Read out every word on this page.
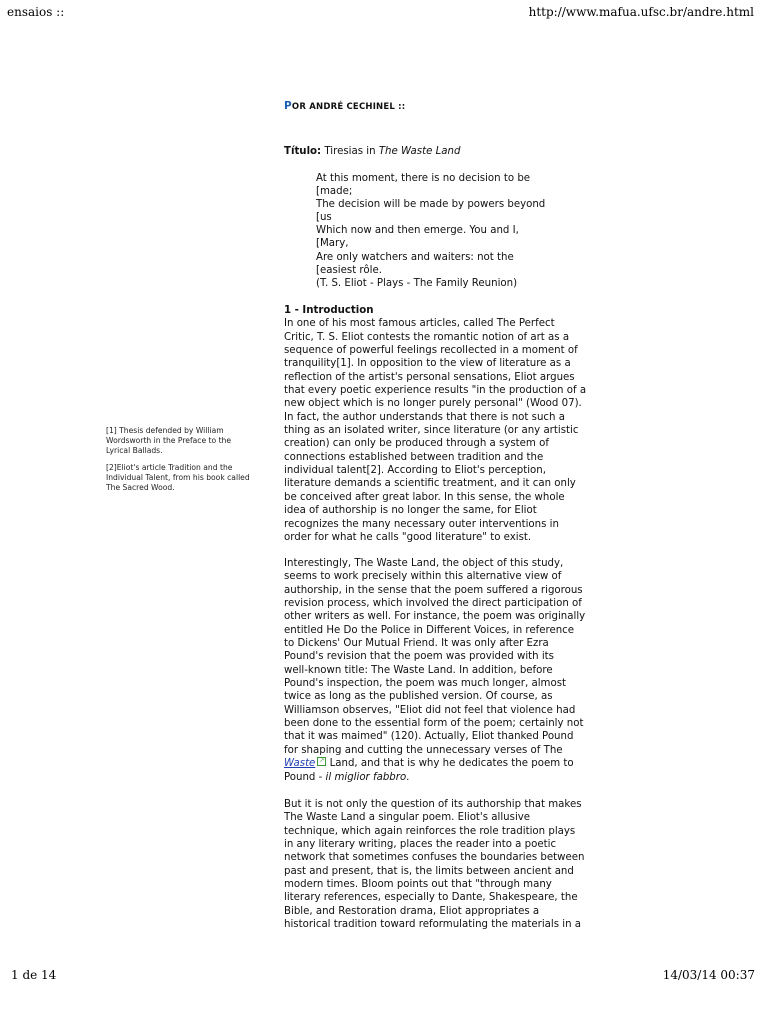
ensaios ::	http://www.mafua.ufsc.br/andre.html
POR ANDRÉ CECHINEL ::
Título: Tiresias in The Waste Land
At this moment, there is no decision to be
[made;
The decision will be made by powers beyond
[us
Which now and then emerge. You and I,
[Mary,
Are only watchers and waiters: not the
[easiest rôle.
(T. S. Eliot - Plays - The Family Reunion)
1 - Introduction
In one of his most famous articles, called The Perfect
Critic, T. S. Eliot contests the romantic notion of art as a
sequence of powerful feelings recollected in a moment of
tranquility[1]. In opposition to the view of literature as a
reflection of the artist's personal sensations, Eliot argues
that every poetic experience results "in the production of a
new object which is no longer purely personal" (Wood 07).
In fact, the author understands that there is not such a
thing as an isolated writer, since literature (or any artistic
creation) can only be produced through a system of
connections established between tradition and the
individual talent[2]. According to Eliot's perception,
literature demands a scientific treatment, and it can only
be conceived after great labor. In this sense, the whole
idea of authorship is no longer the same, for Eliot
recognizes the many necessary outer interventions in
order for what he calls "good literature" to exist.
Interestingly, The Waste Land, the object of this study,
seems to work precisely within this alternative view of
authorship, in the sense that the poem suffered a rigorous
revision process, which involved the direct participation of
other writers as well. For instance, the poem was originally
entitled He Do the Police in Different Voices, in reference
to Dickens' Our Mutual Friend. It was only after Ezra
Pound's revision that the poem was provided with its
well-known title: The Waste Land. In addition, before
Pound's inspection, the poem was much longer, almost
twice as long as the published version. Of course, as
Williamson observes, "Eliot did not feel that violence had
been done to the essential form of the poem; certainly not
that it was maimed" (120). Actually, Eliot thanked Pound
for shaping and cutting the unnecessary verses of The
Waste ↗ Land, and that is why he dedicates the poem to
Pound - il miglior fabbro.
But it is not only the question of its authorship that makes
The Waste Land a singular poem. Eliot's allusive
technique, which again reinforces the role tradition plays
in any literary writing, places the reader into a poetic
network that sometimes confuses the boundaries between
past and present, that is, the limits between ancient and
modern times. Bloom points out that "through many
literary references, especially to Dante, Shakespeare, the
Bible, and Restoration drama, Eliot appropriates a
historical tradition toward reformulating the materials in a

[1] Thesis defended by William Wordsworth in the Preface to the Lyrical Ballads.

[2]Eliot's article Tradition and the Individual Talent, from his book called The Sacred Wood.

1 de 14	14/03/14 00:37
